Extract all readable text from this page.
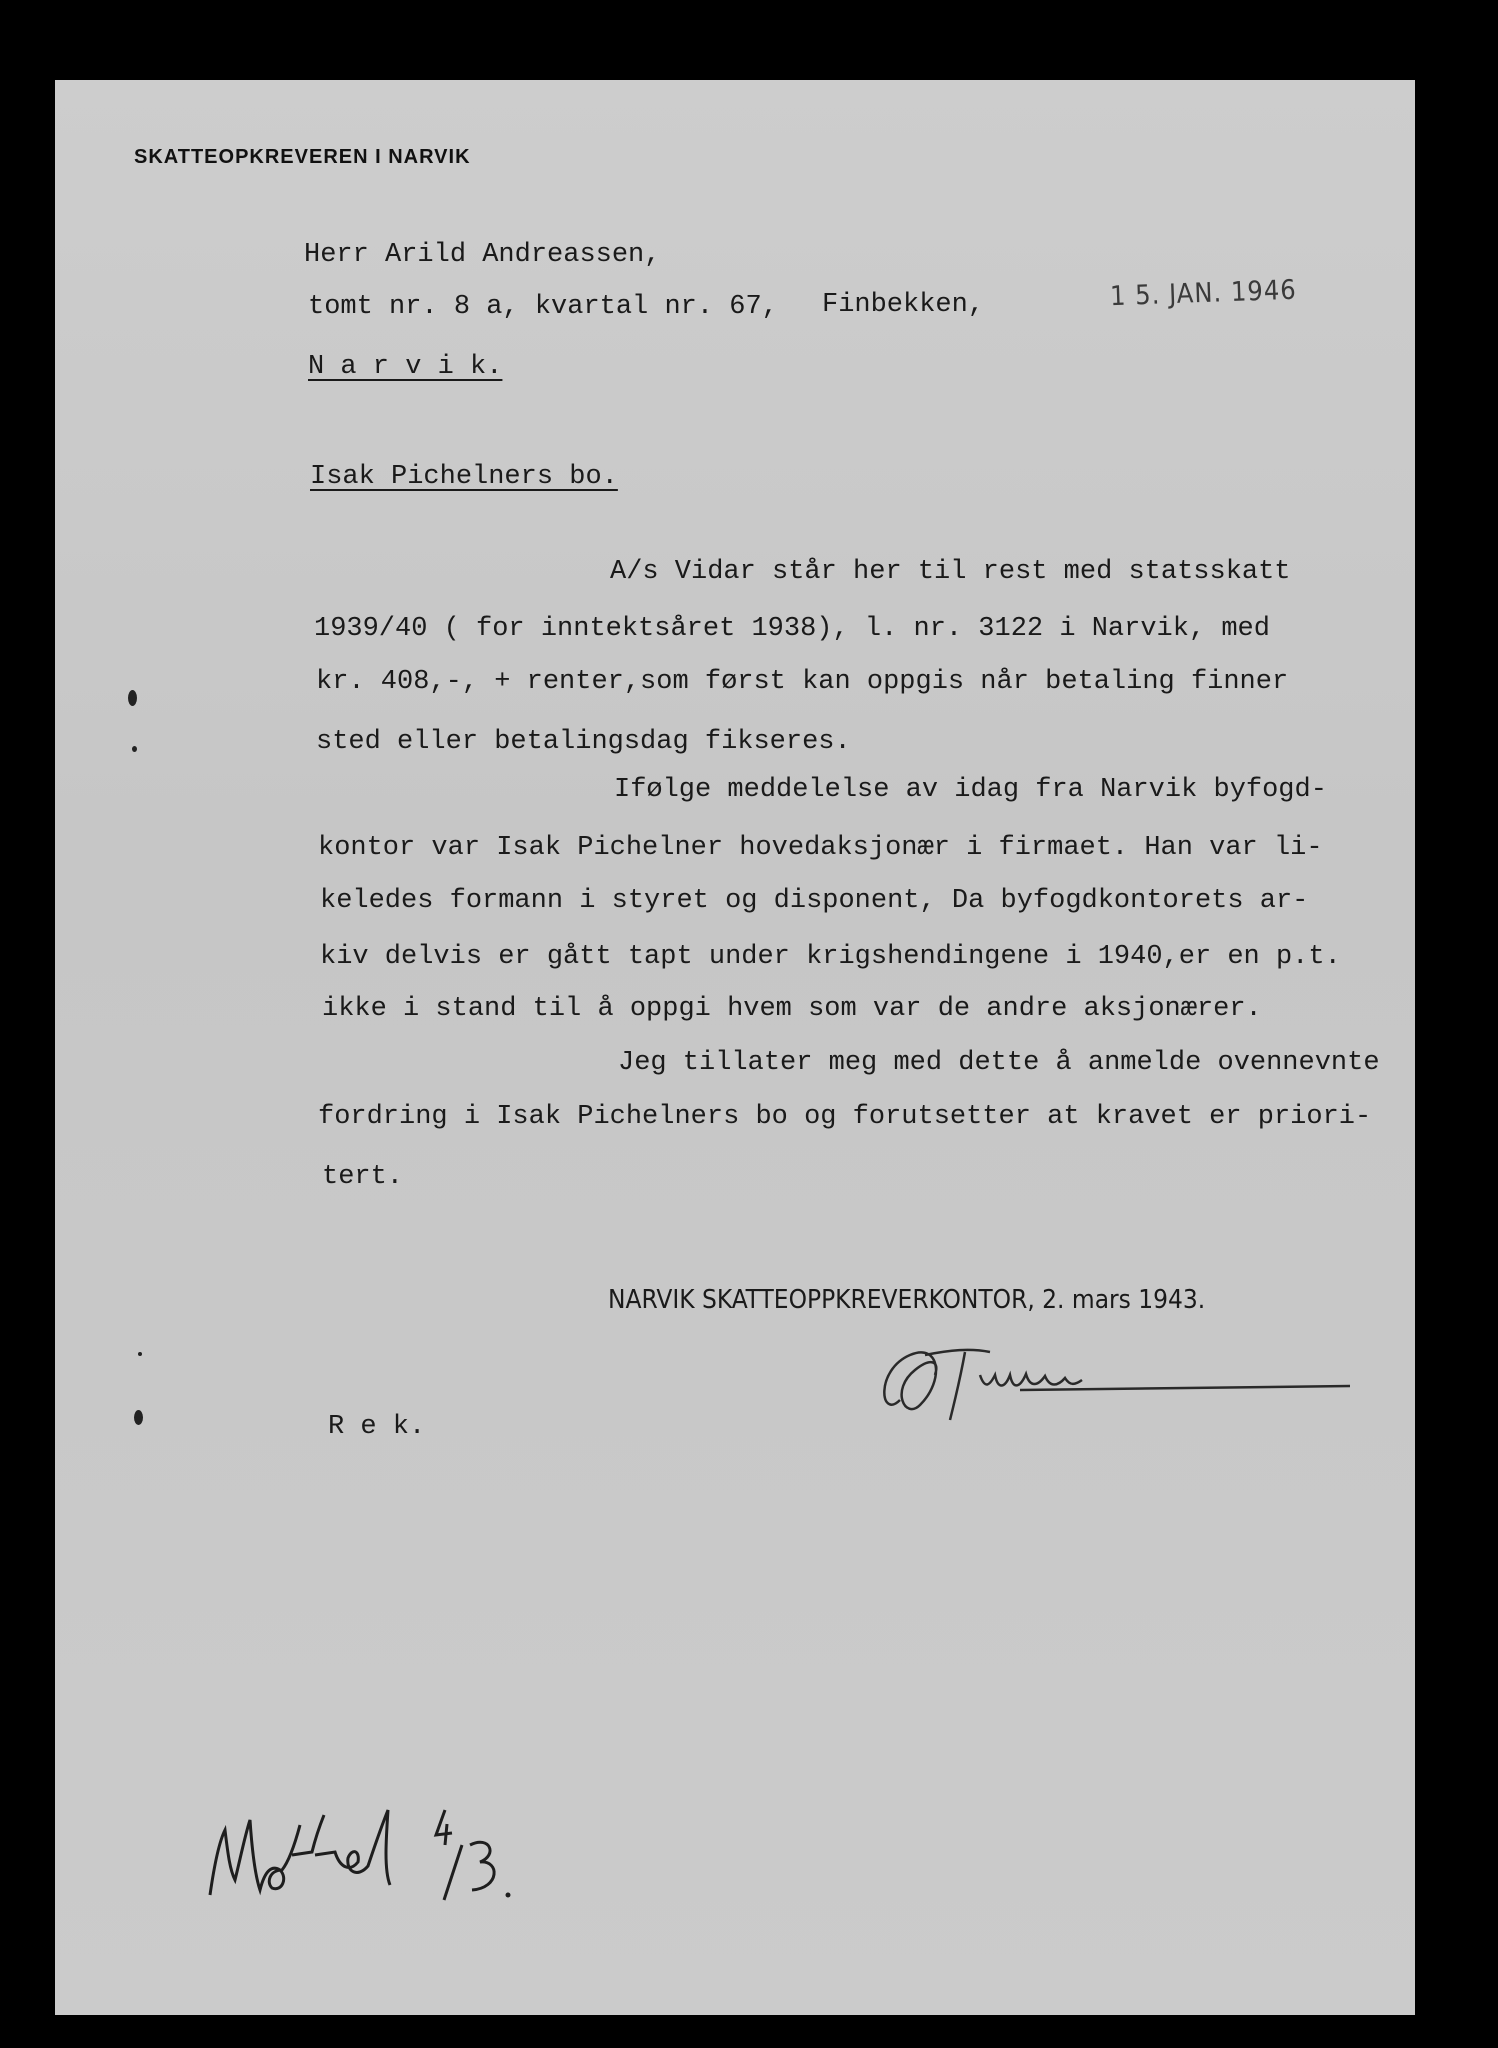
SKATTEOPKREVEREN I NARVIK
Herr Arild Andreassen,
tomt nr. 8 a, kvartal nr. 67, Finbekken,
N a r v i k.
1 5. JAN. 1946
Isak Pichelners bo.
A/s Vidar står her til rest med statsskatt
1939/40 ( for inntektsåret 1938), l. nr. 3122 i Narvik, med
kr. 408,-, + renter,som først kan oppgis når betaling finner
sted eller betalingsdag fikseres.
Ifølge meddelelse av idag fra Narvik byfogd-
kontor var Isak Pichelner hovedaksjonær i firmaet. Han var li-
keledes formann i styret og disponent, Da byfogdkontorets ar-
kiv delvis er gått tapt under krigshendingene i 1940,er en p.t.
ikke i stand til å oppgi hvem som var de andre aksjonærer.
Jeg tillater meg med dette å anmelde ovennevnte
fordring i Isak Pichelners bo og forutsetter at kravet er priori-
tert.
NARVIK SKATTEOPPKREVERKONTOR, 2. mars 1943.
R e k.
